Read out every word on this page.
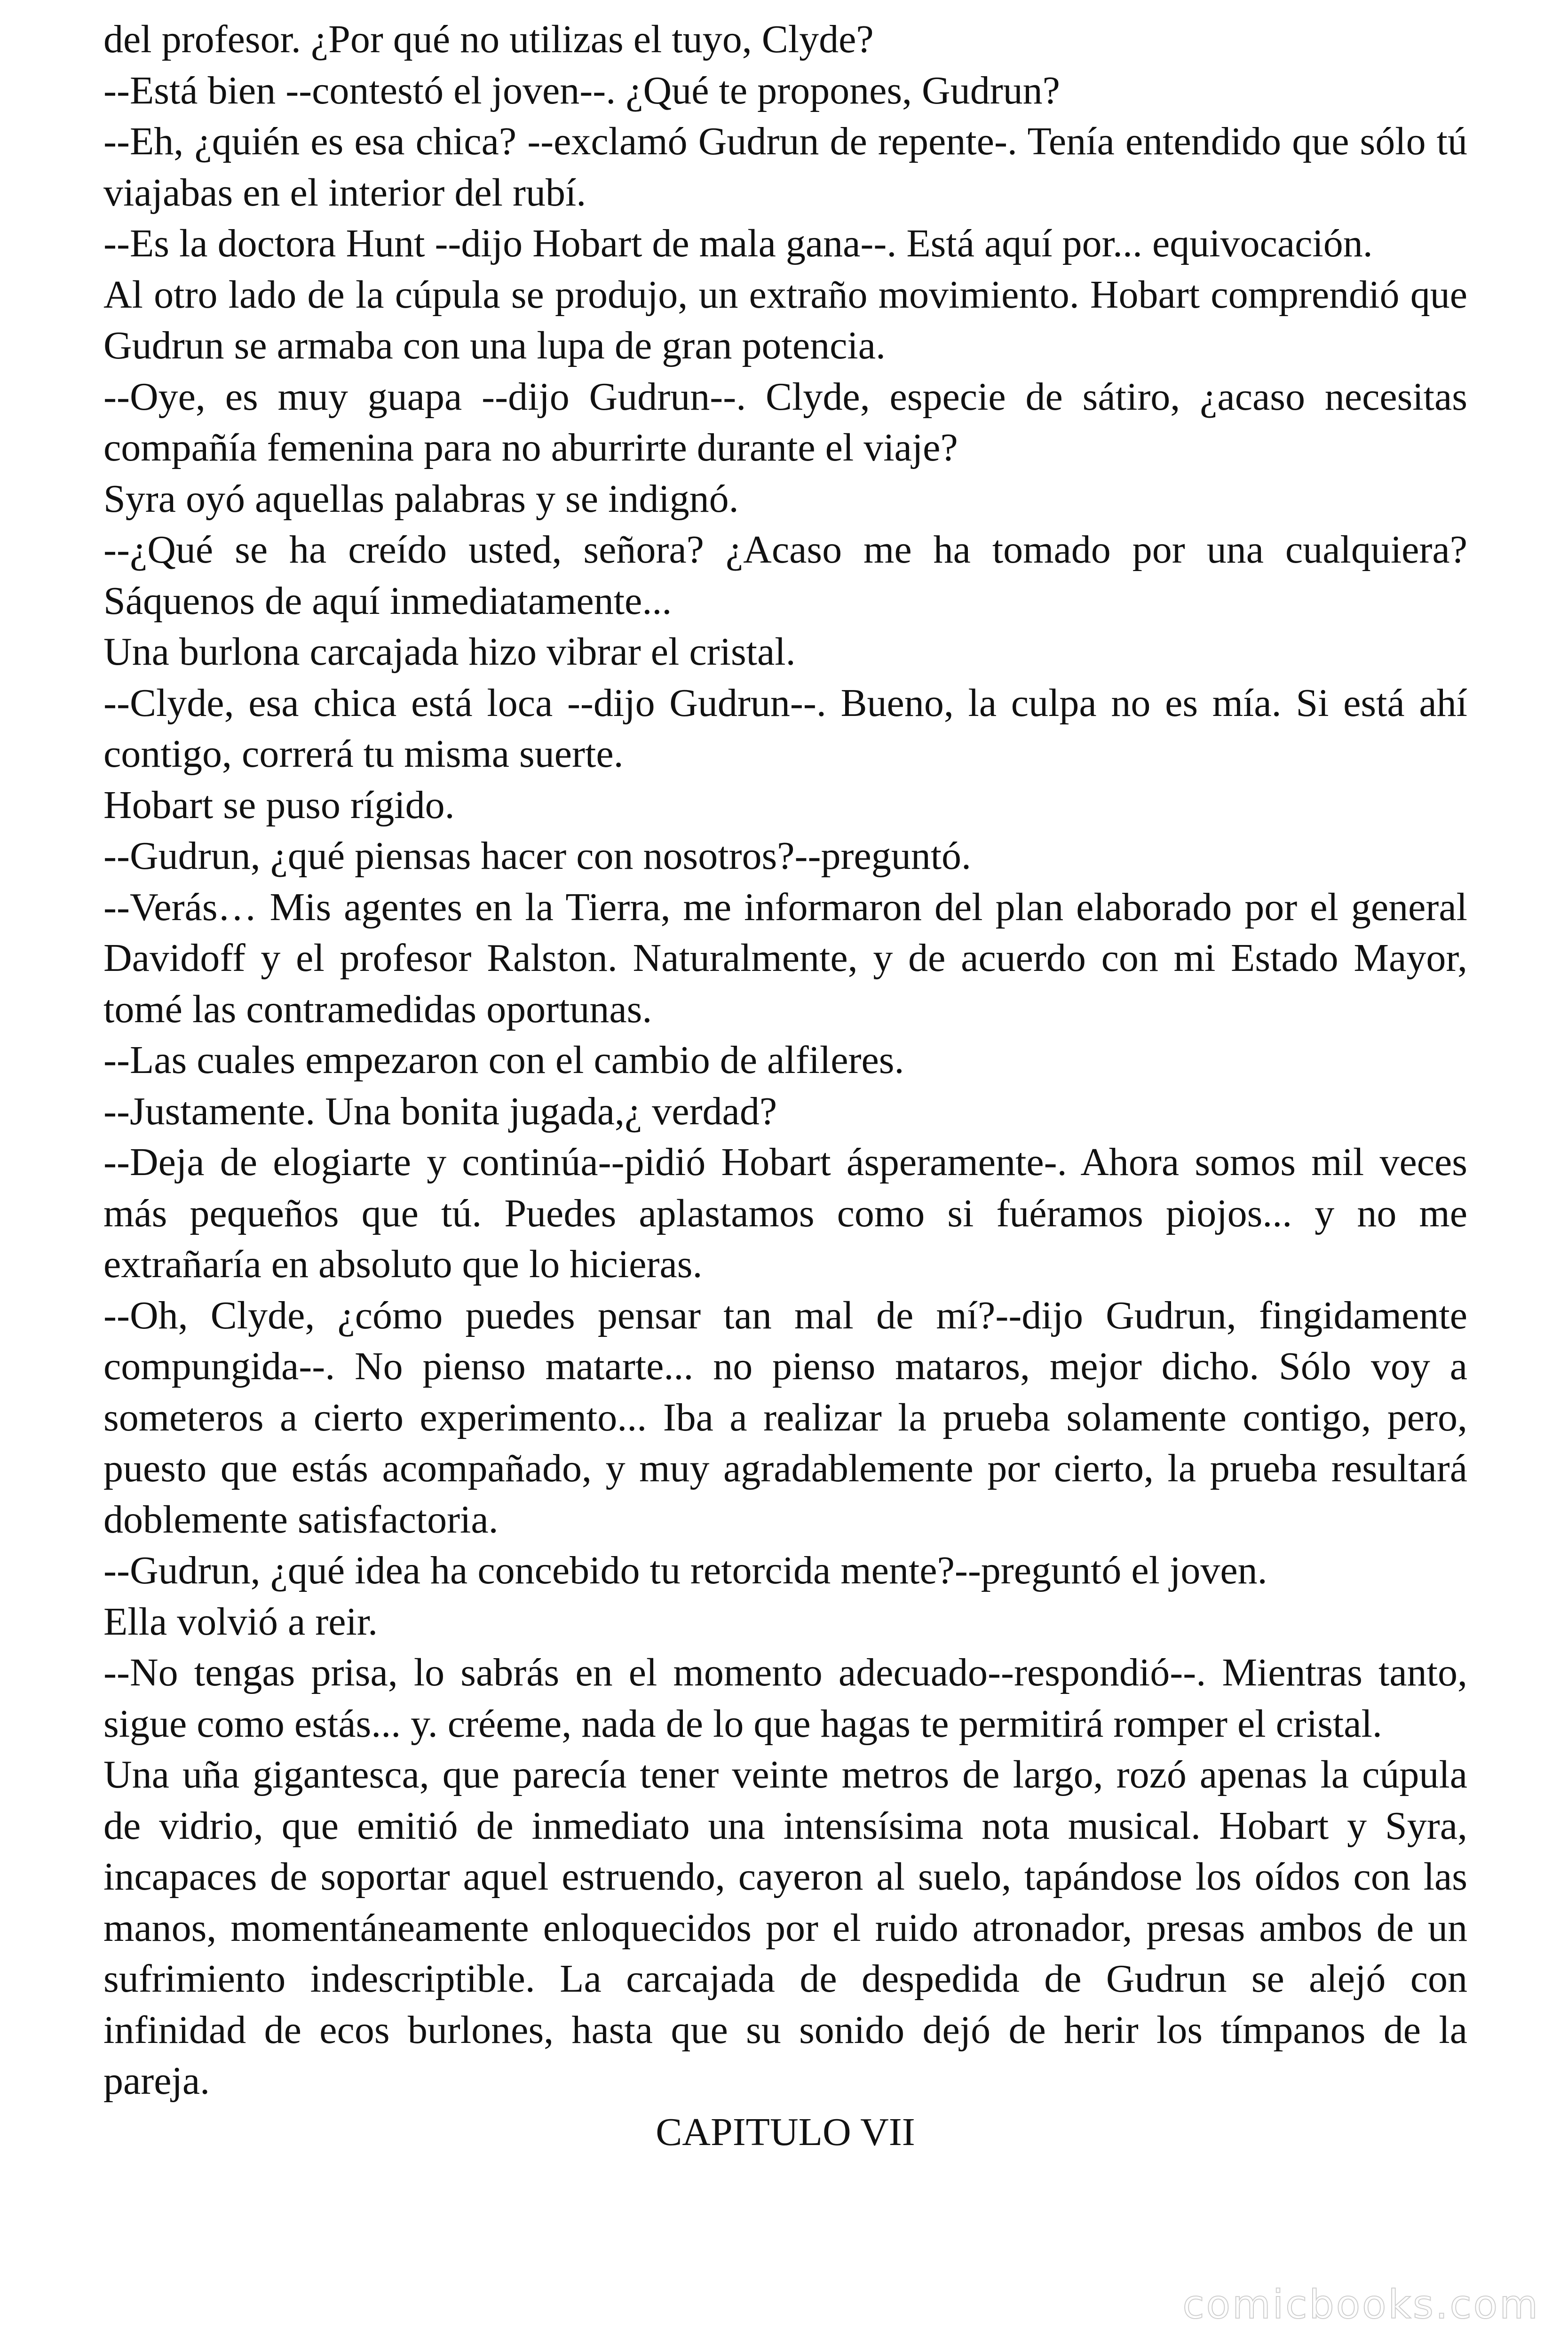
del profesor. ¿Por qué no utilizas el tuyo, Clyde?

--Está bien --contestó el joven--. ¿Qué te propones, Gudrun?

--Eh, ¿quién es esa chica? --exclamó Gudrun de repente-. Tenía entendido que sólo tú viajabas en el interior del rubí.

--Es la doctora Hunt --dijo Hobart de mala gana--. Está aquí por... equivocación.

Al otro lado de la cúpula se produjo, un extraño movimiento. Hobart comprendió que Gudrun se armaba con una lupa de gran potencia.

--Oye, es muy guapa --dijo Gudrun--. Clyde, especie de sátiro, ¿acaso necesitas compañía femenina para no aburrirte durante el viaje?

Syra oyó aquellas palabras y se indignó.

--¿Qué se ha creído usted, señora? ¿Acaso me ha tomado por una cualquiera? Sáquenos de aquí inmediatamente...

Una burlona carcajada hizo vibrar el cristal.

--Clyde, esa chica está loca --dijo Gudrun--. Bueno, la culpa no es mía. Si está ahí contigo, correrá tu misma suerte.

Hobart se puso rígido.

--Gudrun, ¿qué piensas hacer con nosotros?--preguntó.

--Verás… Mis agentes en la Tierra, me informaron del plan elaborado por el general Davidoff y el profesor Ralston. Naturalmente, y de acuerdo con mi Estado Mayor, tomé las contramedidas oportunas.

--Las cuales empezaron con el cambio de alfileres.

--Justamente. Una bonita jugada,¿ verdad?

--Deja de elogiarte y continúa--pidió Hobart ásperamente-. Ahora somos mil veces más pequeños que tú. Puedes aplastamos como si fuéramos piojos... y no me extrañaría en absoluto que lo hicieras.

--Oh, Clyde, ¿cómo puedes pensar tan mal de mí?--dijo Gudrun, fingidamente compungida--. No pienso matarte... no pienso mataros, mejor dicho. Sólo voy a someteros a cierto experimento... Iba a realizar la prueba solamente contigo, pero, puesto que estás acompañado, y muy agradablemente por cierto, la prueba resultará doblemente satisfactoria.

--Gudrun, ¿qué idea ha concebido tu retorcida mente?--preguntó el joven.

Ella volvió a reir.

--No tengas prisa, lo sabrás en el momento adecuado--respondió--. Mientras tanto, sigue como estás... y. créeme, nada de lo que hagas te permitirá romper el cristal.

Una uña gigantesca, que parecía tener veinte metros de largo, rozó apenas la cúpula de vidrio, que emitió de inmediato una intensísima nota musical. Hobart y Syra, incapaces de soportar aquel estruendo, cayeron al suelo, tapándose los oídos con las manos, momentáneamente enloquecidos por el ruido atronador, presas ambos de un sufrimiento indescriptible. La carcajada de despedida de Gudrun se alejó con infinidad de ecos burlones, hasta que su sonido dejó de herir los tímpanos de la pareja.

CAPITULO VII

comicbooks.com
